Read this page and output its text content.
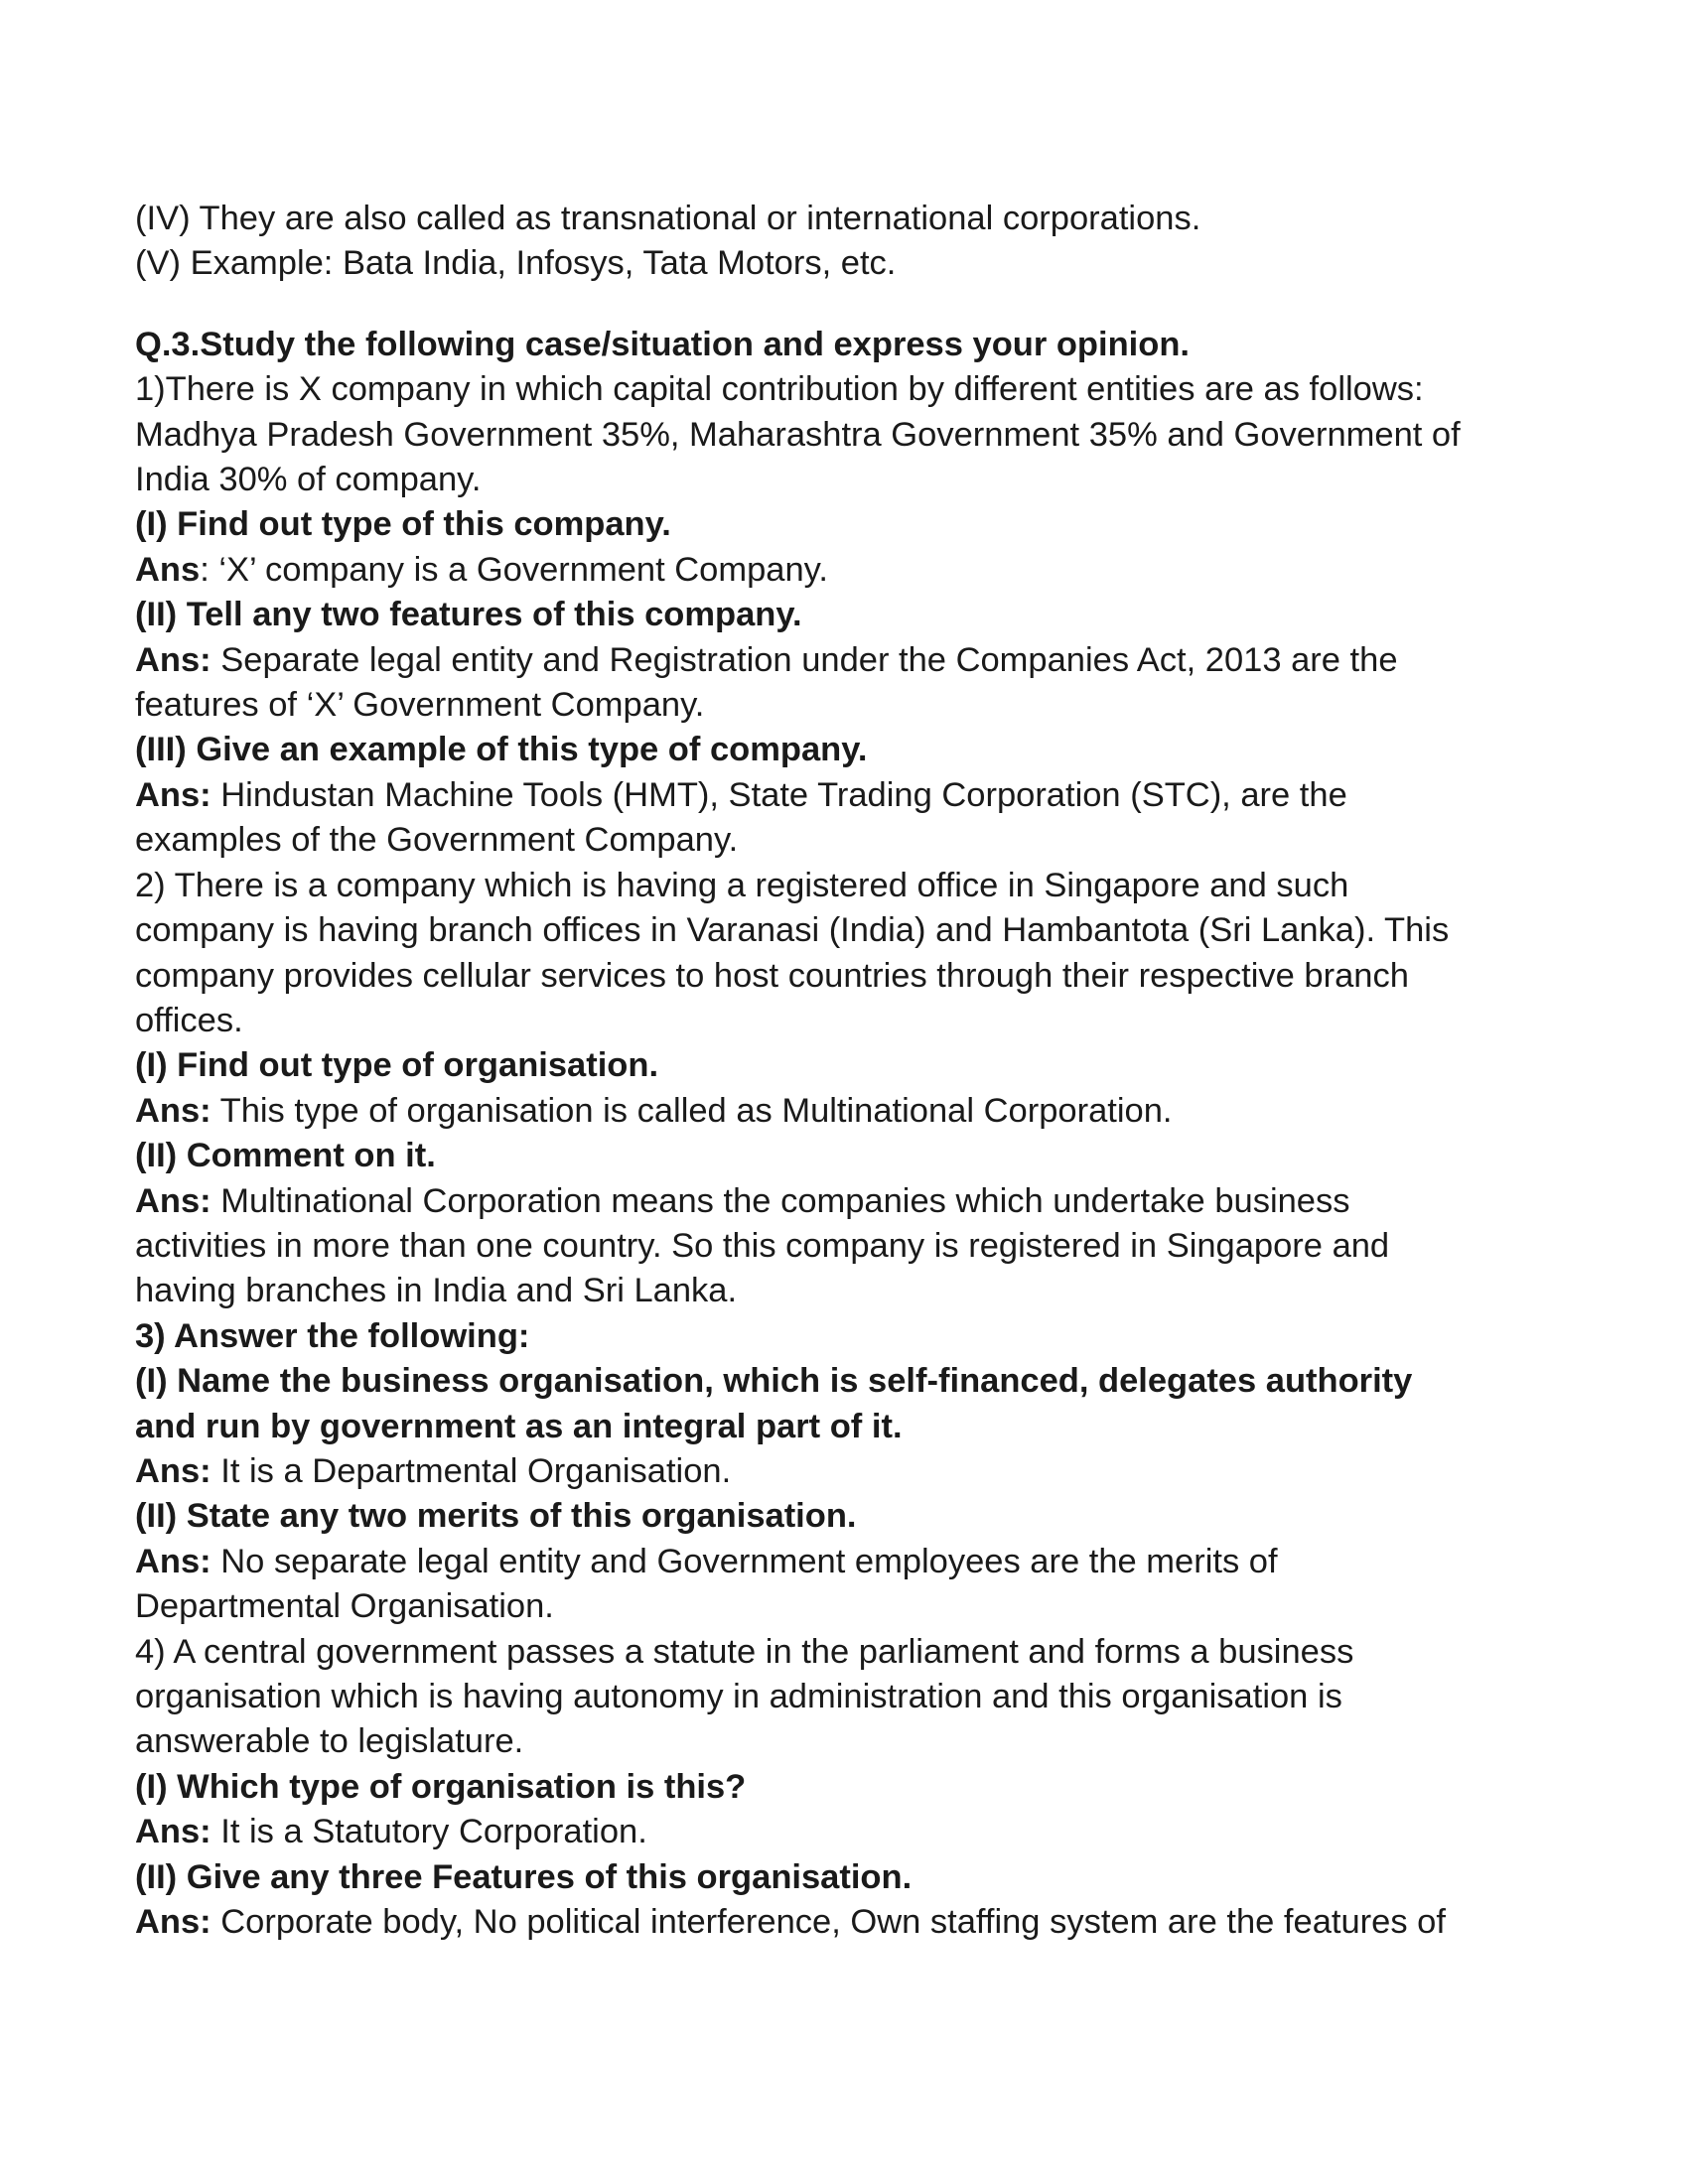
(IV) They are also called as transnational or international corporations.

(V) Example: Bata India, Infosys, Tata Motors, etc.

Q.3.Study the following case/situation and express your opinion.

1)There is X company in which capital contribution by different entities are as follows:

Madhya Pradesh Government 35%, Maharashtra Government 35% and Government of

India 30% of company.

(I) Find out type of this company.

Ans: ‘X’ company is a Government Company.

(II) Tell any two features of this company.

Ans: Separate legal entity and Registration under the Companies Act, 2013 are the

features of ‘X’ Government Company.

(III) Give an example of this type of company.

Ans: Hindustan Machine Tools (HMT), State Trading Corporation (STC), are the

examples of the Government Company.

2) There is a company which is having a registered office in Singapore and such

company is having branch offices in Varanasi (India) and Hambantota (Sri Lanka). This

company provides cellular services to host countries through their respective branch

offices.

(I) Find out type of organisation.

Ans: This type of organisation is called as Multinational Corporation.

(II) Comment on it.

Ans: Multinational Corporation means the companies which undertake business

activities in more than one country. So this company is registered in Singapore and

having branches in India and Sri Lanka.

3) Answer the following:

(I) Name the business organisation, which is self-financed, delegates authority

and run by government as an integral part of it.

Ans: It is a Departmental Organisation.

(II) State any two merits of this organisation.

Ans: No separate legal entity and Government employees are the merits of

Departmental Organisation.

4) A central government passes a statute in the parliament and forms a business

organisation which is having autonomy in administration and this organisation is

answerable to legislature.

(I) Which type of organisation is this?

Ans: It is a Statutory Corporation.

(II) Give any three Features of this organisation.

Ans: Corporate body, No political interference, Own staffing system are the features of
